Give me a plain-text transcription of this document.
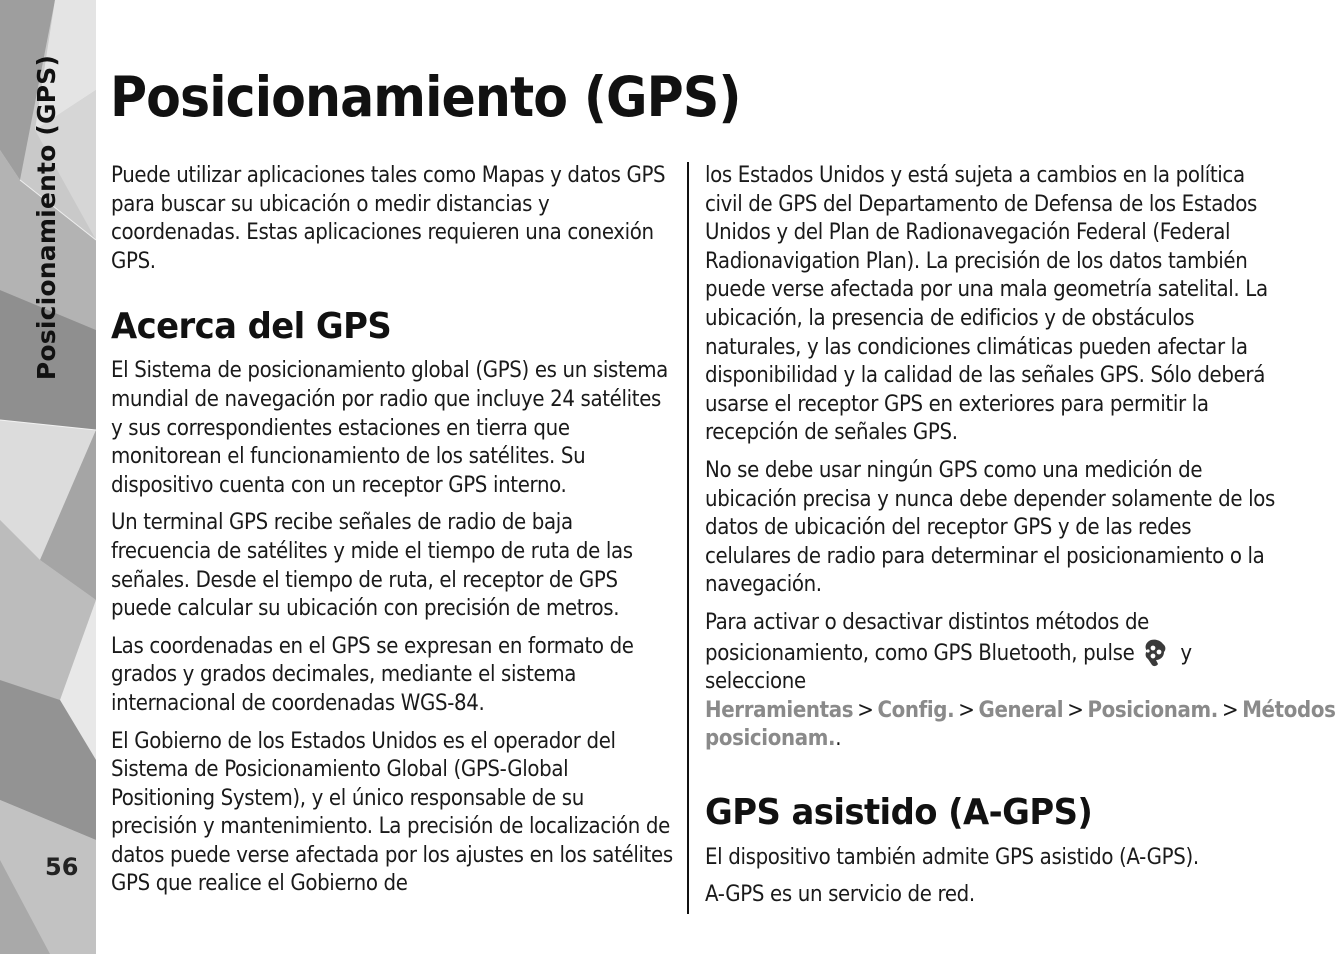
Posicionamiento (GPS)
56
Posicionamiento (GPS)

Puede utilizar aplicaciones tales como Mapas y datos GPS para buscar su ubicación o medir distancias y coordenadas. Estas aplicaciones requieren una conexión GPS.

Acerca del GPS

El Sistema de posicionamiento global (GPS) es un sistema mundial de navegación por radio que incluye 24 satélites y sus correspondientes estaciones en tierra que monitorean el funcionamiento de los satélites. Su dispositivo cuenta con un receptor GPS interno.

Un terminal GPS recibe señales de radio de baja frecuencia de satélites y mide el tiempo de ruta de las señales. Desde el tiempo de ruta, el receptor de GPS puede calcular su ubicación con precisión de metros.

Las coordenadas en el GPS se expresan en formato de grados y grados decimales, mediante el sistema internacional de coordenadas WGS-84.

El Gobierno de los Estados Unidos es el operador del Sistema de Posicionamiento Global (GPS-Global Positioning System), y el único responsable de su precisión y mantenimiento. La precisión de localización de datos puede verse afectada por los ajustes en los satélites GPS que realice el Gobierno de

los Estados Unidos y está sujeta a cambios en la política civil de GPS del Departamento de Defensa de los Estados Unidos y del Plan de Radionavegación Federal (Federal Radionavigation Plan). La precisión de los datos también puede verse afectada por una mala geometría satelital. La ubicación, la presencia de edificios y de obstáculos naturales, y las condiciones climáticas pueden afectar la disponibilidad y la calidad de las señales GPS. Sólo deberá usarse el receptor GPS en exteriores para permitir la recepción de señales GPS.

No se debe usar ningún GPS como una medición de ubicación precisa y nunca debe depender solamente de los datos de ubicación del receptor GPS y de las redes celulares de radio para determinar el posicionamiento o la navegación.

Para activar o desactivar distintos métodos de posicionamiento, como GPS Bluetooth, pulse y seleccione Herramientas > Config. > General > Posicionam. > Métodos posicionam..

GPS asistido (A-GPS)

El dispositivo también admite GPS asistido (A-GPS).

A-GPS es un servicio de red.
